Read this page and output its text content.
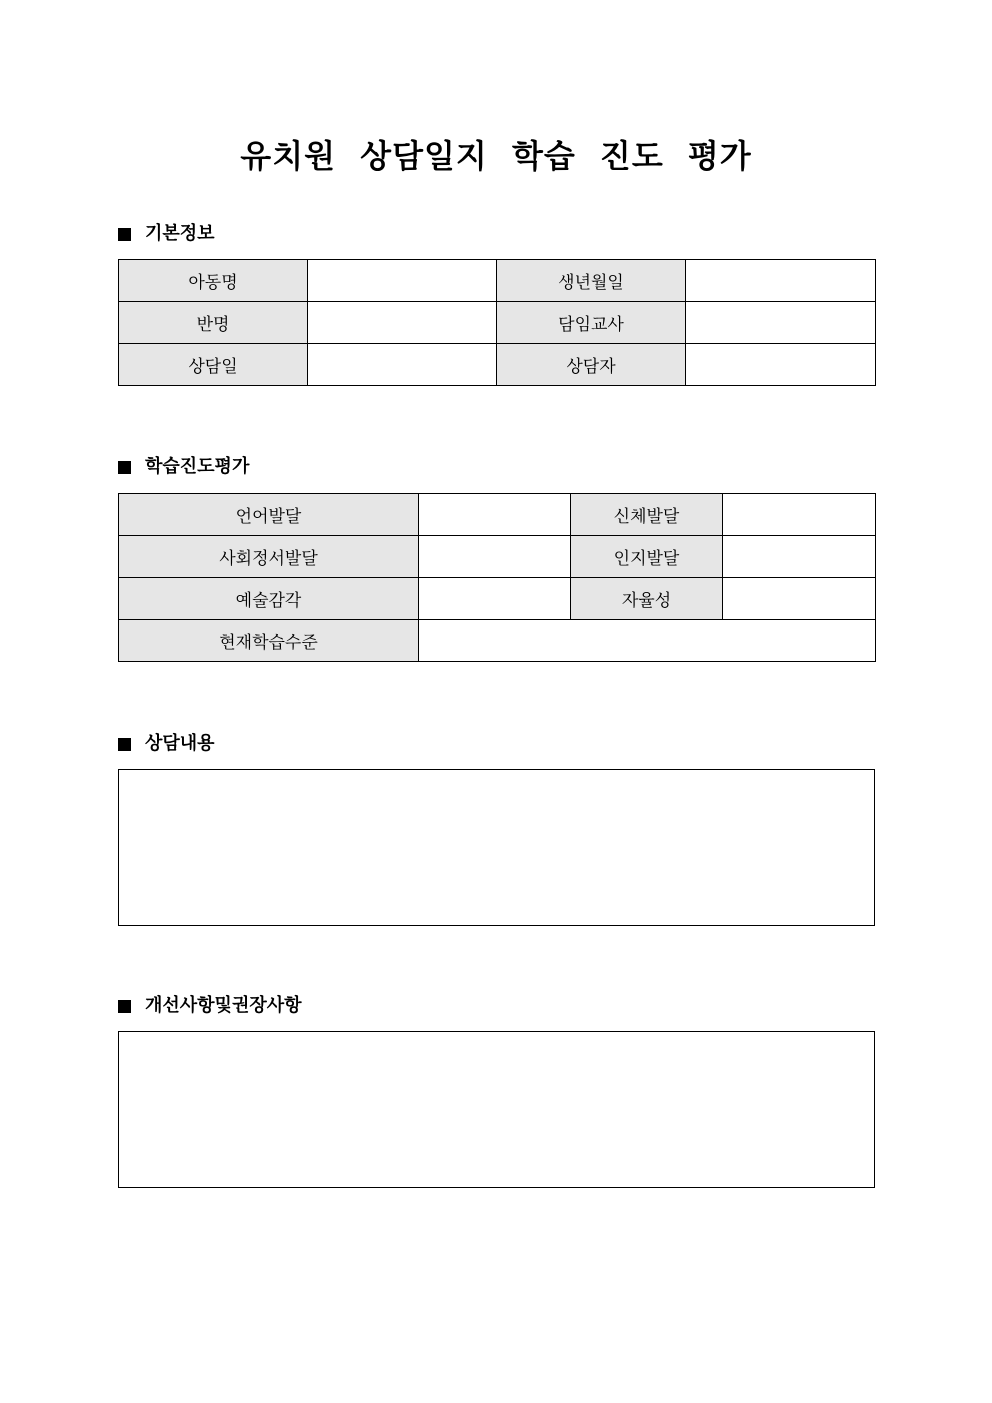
유치원 상담일지 학습 진도 평가
기본정보
아동명		생년월일	
반명		담임교사	
상담일		상담자	
학습진도평가
언어발달		신체발달	
사회정서발달		인지발달	
예술감각		자율성	
현재학습수준			
상담내용
개선사항및권장사항
